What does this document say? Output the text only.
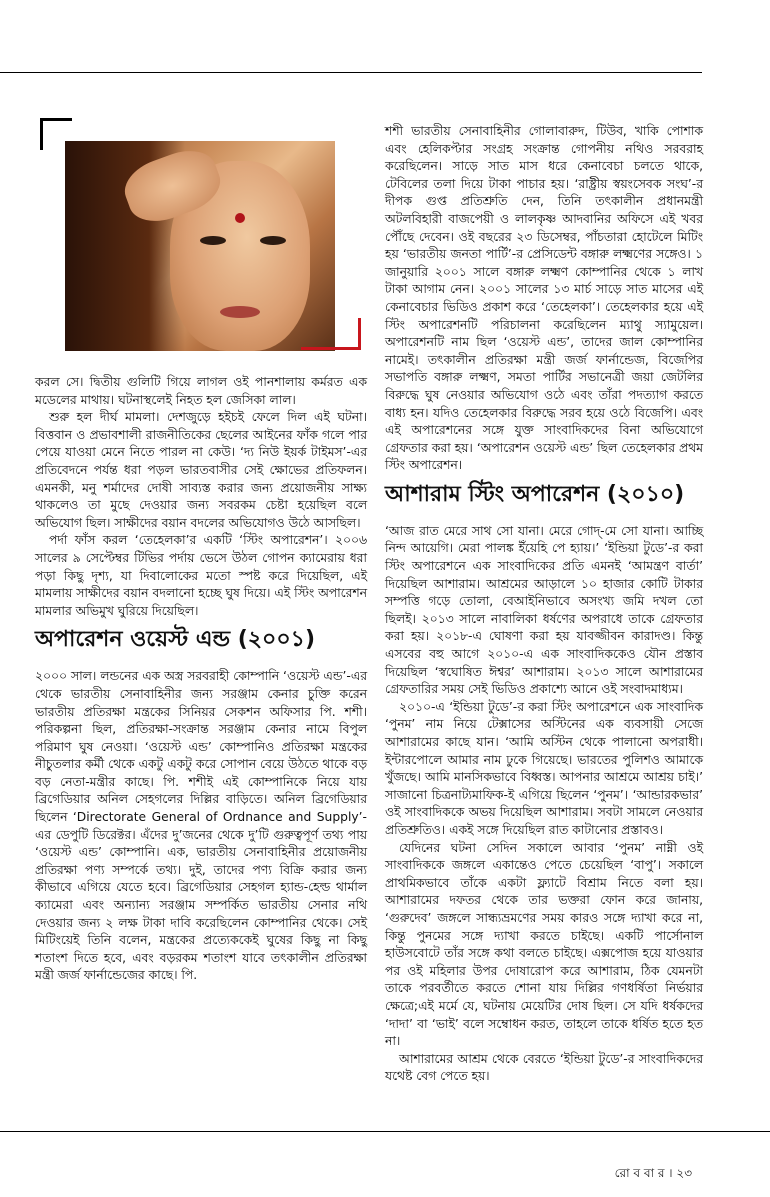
করল সে। দ্বিতীয় গুলিটি গিয়ে লাগল ওই পানশালায় কর্মরত এক মডেলের মাথায়। ঘটনাস্থলেই নিহত হল জেসিকা লাল।

শুরু হল দীর্ঘ মামলা। দেশজুড়ে হইচই ফেলে দিল এই ঘটনা। বিত্তবান ও প্রভাবশালী রাজনীতিকের ছেলের আইনের ফাঁক গলে পার পেয়ে যাওয়া মেনে নিতে পারল না কেউ। ‘দ্য নিউ ইয়র্ক টাইমস’-এর প্রতিবেদনে পর্যন্ত ধরা পড়ল ভারতবাসীর সেই ক্ষোভের প্রতিফলন। এমনকী, মনু শর্মাদের দোষী সাব্যস্ত করার জন্য প্রয়োজনীয় সাক্ষ্য থাকলেও তা মুছে দেওয়ার জন্য সবরকম চেষ্টা হয়েছিল বলে অভিযোগ ছিল। সাক্ষীদের বয়ান বদলের অভিযোগও উঠে আসছিল।

পর্দা ফাঁস করল ‘তেহেলকা’র একটি ‘স্টিং অপারেশন’। ২০০৬ সালের ৯ সেপ্টেম্বর টিভির পর্দায় ভেসে উঠল গোপন ক্যামেরায় ধরা পড়া কিছু দৃশ্য, যা দিবালোকের মতো স্পষ্ট করে দিয়েছিল, এই মামলায় সাক্ষীদের বয়ান বদলানো হচ্ছে ঘুষ দিয়ে। এই স্টিং অপারেশন মামলার অভিমুখ ঘুরিয়ে দিয়েছিল।

অপারেশন ওয়েস্ট এন্ড (২০০১)

২০০০ সাল। লন্ডনের এক অস্ত্র সরবরাহী কোম্পানি ‘ওয়েস্ট এন্ড’-এর থেকে ভারতীয় সেনাবাহিনীর জন্য সরঞ্জাম কেনার চুক্তি করেন ভারতীয় প্রতিরক্ষা মন্ত্রকের সিনিয়র সেকশন অফিসার পি. শশী। পরিকল্পনা ছিল, প্রতিরক্ষা-সংক্রান্ত সরঞ্জাম কেনার নামে বিপুল পরিমাণ ঘুষ নেওয়া। ‘ওয়েস্ট এন্ড’ কোম্পানিও প্রতিরক্ষা মন্ত্রকের নীচুতলার কর্মী থেকে একটু একটু করে সোপান বেয়ে উঠতে থাকে বড় বড় নেতা-মন্ত্রীর কাছে। পি. শশীই এই কোম্পানিকে নিয়ে যায় ব্রিগেডিয়ার অনিল সেহগলের দিল্লির বাড়িতে। অনিল ব্রিগেডিয়ার ছিলেন ‘Directorate General of Ordnance and Supply’-এর ডেপুটি ডিরেক্টর। এঁদের দু’জনের থেকে দু’টি গুরুত্বপূর্ণ তথ্য পায় ‘ওয়েস্ট এন্ড’ কোম্পানি। এক, ভারতীয় সেনাবাহিনীর প্রয়োজনীয় প্রতিরক্ষা পণ্য সম্পর্কে তথ্য। দুই, তাদের পণ্য বিক্রি করার জন্য কীভাবে এগিয়ে যেতে হবে। ব্রিগেডিয়ার সেহগল হ্যান্ড-হেল্ড থার্মাল ক্যামেরা এবং অন্যান্য সরঞ্জাম সম্পর্কিত ভারতীয় সেনার নথি দেওয়ার জন্য ২ লক্ষ টাকা দাবি করেছিলেন কোম্পানির থেকে। সেই মিটিংয়েই তিনি বলেন, মন্ত্রকের প্রত্যেককেই ঘুষের কিছু না কিছু শতাংশ দিতে হবে, এবং বড়রকম শতাংশ যাবে তৎকালীন প্রতিরক্ষা মন্ত্রী জর্জ ফার্নান্ডেজের কাছে। পি.

শশী ভারতীয় সেনাবাহিনীর গোলাবারুদ, টিউব, খাকি পোশাক এবং হেলিকপ্টার সংগ্রহ সংক্রান্ত গোপনীয় নথিও সরবরাহ করেছিলেন। সাড়ে সাত মাস ধরে কেনাবেচা চলতে থাকে, টেবিলের তলা দিয়ে টাকা পাচার হয়। ‘রাষ্ট্রীয় স্বয়ংসেবক সংঘ’-র দীপক গুপ্ত প্রতিশ্রুতি দেন, তিনি তৎকালীন প্রধানমন্ত্রী অটলবিহারী বাজপেয়ী ও লালকৃষ্ণ আদবানির অফিসে এই খবর পৌঁছে দেবেন। ওই বছরের ২৩ ডিসেম্বর, পাঁচতারা হোটেলে মিটিং হয় ‘ভারতীয় জনতা পার্টি’-র প্রেসিডেন্ট বঙ্গারু লক্ষ্মণের সঙ্গেও। ১ জানুয়ারি ২০০১ সালে বঙ্গারু লক্ষ্মণ কোম্পানির থেকে ১ লাখ টাকা আগাম নেন। ২০০১ সালের ১৩ মার্চ সাড়ে সাত মাসের এই কেনাবেচার ভিডিও প্রকাশ করে ‘তেহেলকা’। তেহেলকার হয়ে এই স্টিং অপারেশনটি পরিচালনা করেছিলেন ম্যাথু স্যামুয়েল। অপারেশনটি নাম ছিল ‘ওয়েস্ট এন্ড’, তাদের জাল কোম্পানির নামেই। তৎকালীন প্রতিরক্ষা মন্ত্রী জর্জ ফার্নান্ডেজ, বিজেপির সভাপতি বঙ্গারু লক্ষ্মণ, সমতা পার্টির সভানেত্রী জয়া জেটলির বিরুদ্ধে ঘুষ নেওয়ার অভিযোগ ওঠে এবং তাঁরা পদত্যাগ করতে বাধ্য হন। যদিও তেহেলকার বিরুদ্ধে সরব হয়ে ওঠে বিজেপি। এবং এই অপারেশনের সঙ্গে যুক্ত সাংবাদিকদের বিনা অভিযোগে গ্রেফতার করা হয়। ‘অপারেশন ওয়েস্ট এন্ড’ ছিল তেহেলকার প্রথম স্টিং অপারেশন।

আশারাম স্টিং অপারেশন (২০১০)

‘আজ রাত মেরে সাথ সো যানা। মেরে গোদ্-মে সো যানা। আচ্ছি নিন্দ আয়েগি। মেরা পালঙ্ক ইঁয়েহি পে হ্যায়।’ ‘ইন্ডিয়া টুডে’-র করা স্টিং অপারেশনে এক সাংবাদিকের প্রতি এমনই ‘আমন্ত্রণ বার্তা’ দিয়েছিল আশারাম। আশ্রমের আড়ালে ১০ হাজার কোটি টাকার সম্পত্তি গড়ে তোলা, বেআইনিভাবে অসংখ্য জমি দখল তো ছিলই। ২০১৩ সালে নাবালিকা ধর্ষণের অপরাধে তাকে গ্রেফতার করা হয়। ২০১৮-এ ঘোষণা করা হয় যাবজ্জীবন কারাদণ্ড। কিন্তু এসবের বহু আগে ২০১০-এ এক সাংবাদিককেও যৌন প্রস্তাব দিয়েছিল ‘স্বঘোষিত ঈশ্বর’ আশারাম। ২০১৩ সালে আশারামের গ্রেফতারির সময় সেই ভিডিও প্রকাশ্যে আনে ওই সংবাদমাধ্যম।

২০১০-এ ‘ইন্ডিয়া টুডে’-র করা স্টিং অপারেশনে এক সাংবাদিক ‘পুনম’ নাম নিয়ে টেক্সাসের অস্টিনের এক ব্যবসায়ী সেজে আশারামের কাছে যান। ‘আমি অস্টিন থেকে পালানো অপরাধী। ইন্টারপোলে আমার নাম ঢুকে গিয়েছে। ভারতের পুলিশও আমাকে খুঁজছে। আমি মানসিকভাবে বিধ্বস্ত। আপনার আশ্রমে আশ্রয় চাই।’ সাজানো চিত্রনাট্যমাফিক-ই এগিয়ে ছিলেন ‘পুনম’। ‘আন্ডারকভার’ ওই সাংবাদিককে অভয় দিয়েছিল আশারাম। সবটা সামলে নেওয়ার প্রতিশ্রুতিও। একই সঙ্গে দিয়েছিল রাত কাটানোর প্রস্তাবও।

যেদিনের ঘটনা সেদিন সকালে আবার ‘পুনম’ নাম্নী ওই সাংবাদিককে জঙ্গলে একান্তেও পেতে চেয়েছিল ‘বাপু’। সকালে প্রাথমিকভাবে তাঁকে একটা ফ্ল্যাটে বিশ্রাম নিতে বলা হয়। আশারামের দফতর থেকে তার ভক্তরা ফোন করে জানায়, ‘গুরুদেব’ জঙ্গলে সান্ধ্যভ্রমণের সময় কারও সঙ্গে দ্যাখা করে না, কিন্তু পুনমের সঙ্গে দ্যাখা করতে চাইছে। একটি পার্সোনাল হাউসবোটে তাঁর সঙ্গে কথা বলতে চাইছে। এক্সপোজ হয়ে যাওয়ার পর ওই মহিলার উপর দোষারোপ করে আশারাম, ঠিক যেমনটা তাকে পরবর্তীতে করতে শোনা যায় দিল্লির গণধর্ষিতা নির্ভয়ার ক্ষেত্রে;এই মর্মে যে, ঘটনায় মেয়েটির দোষ ছিল। সে যদি ধর্ষকদের ‘দাদা’ বা ‘ভাই’ বলে সম্বোধন করত, তাহলে তাকে ধর্ষিত হতে হত না।

আশারামের আশ্রম থেকে বেরতে ‘ইন্ডিয়া টুডে’-র সাংবাদিকদের যথেষ্ট বেগ পেতে হয়।

রো ব বা র । ২৩
